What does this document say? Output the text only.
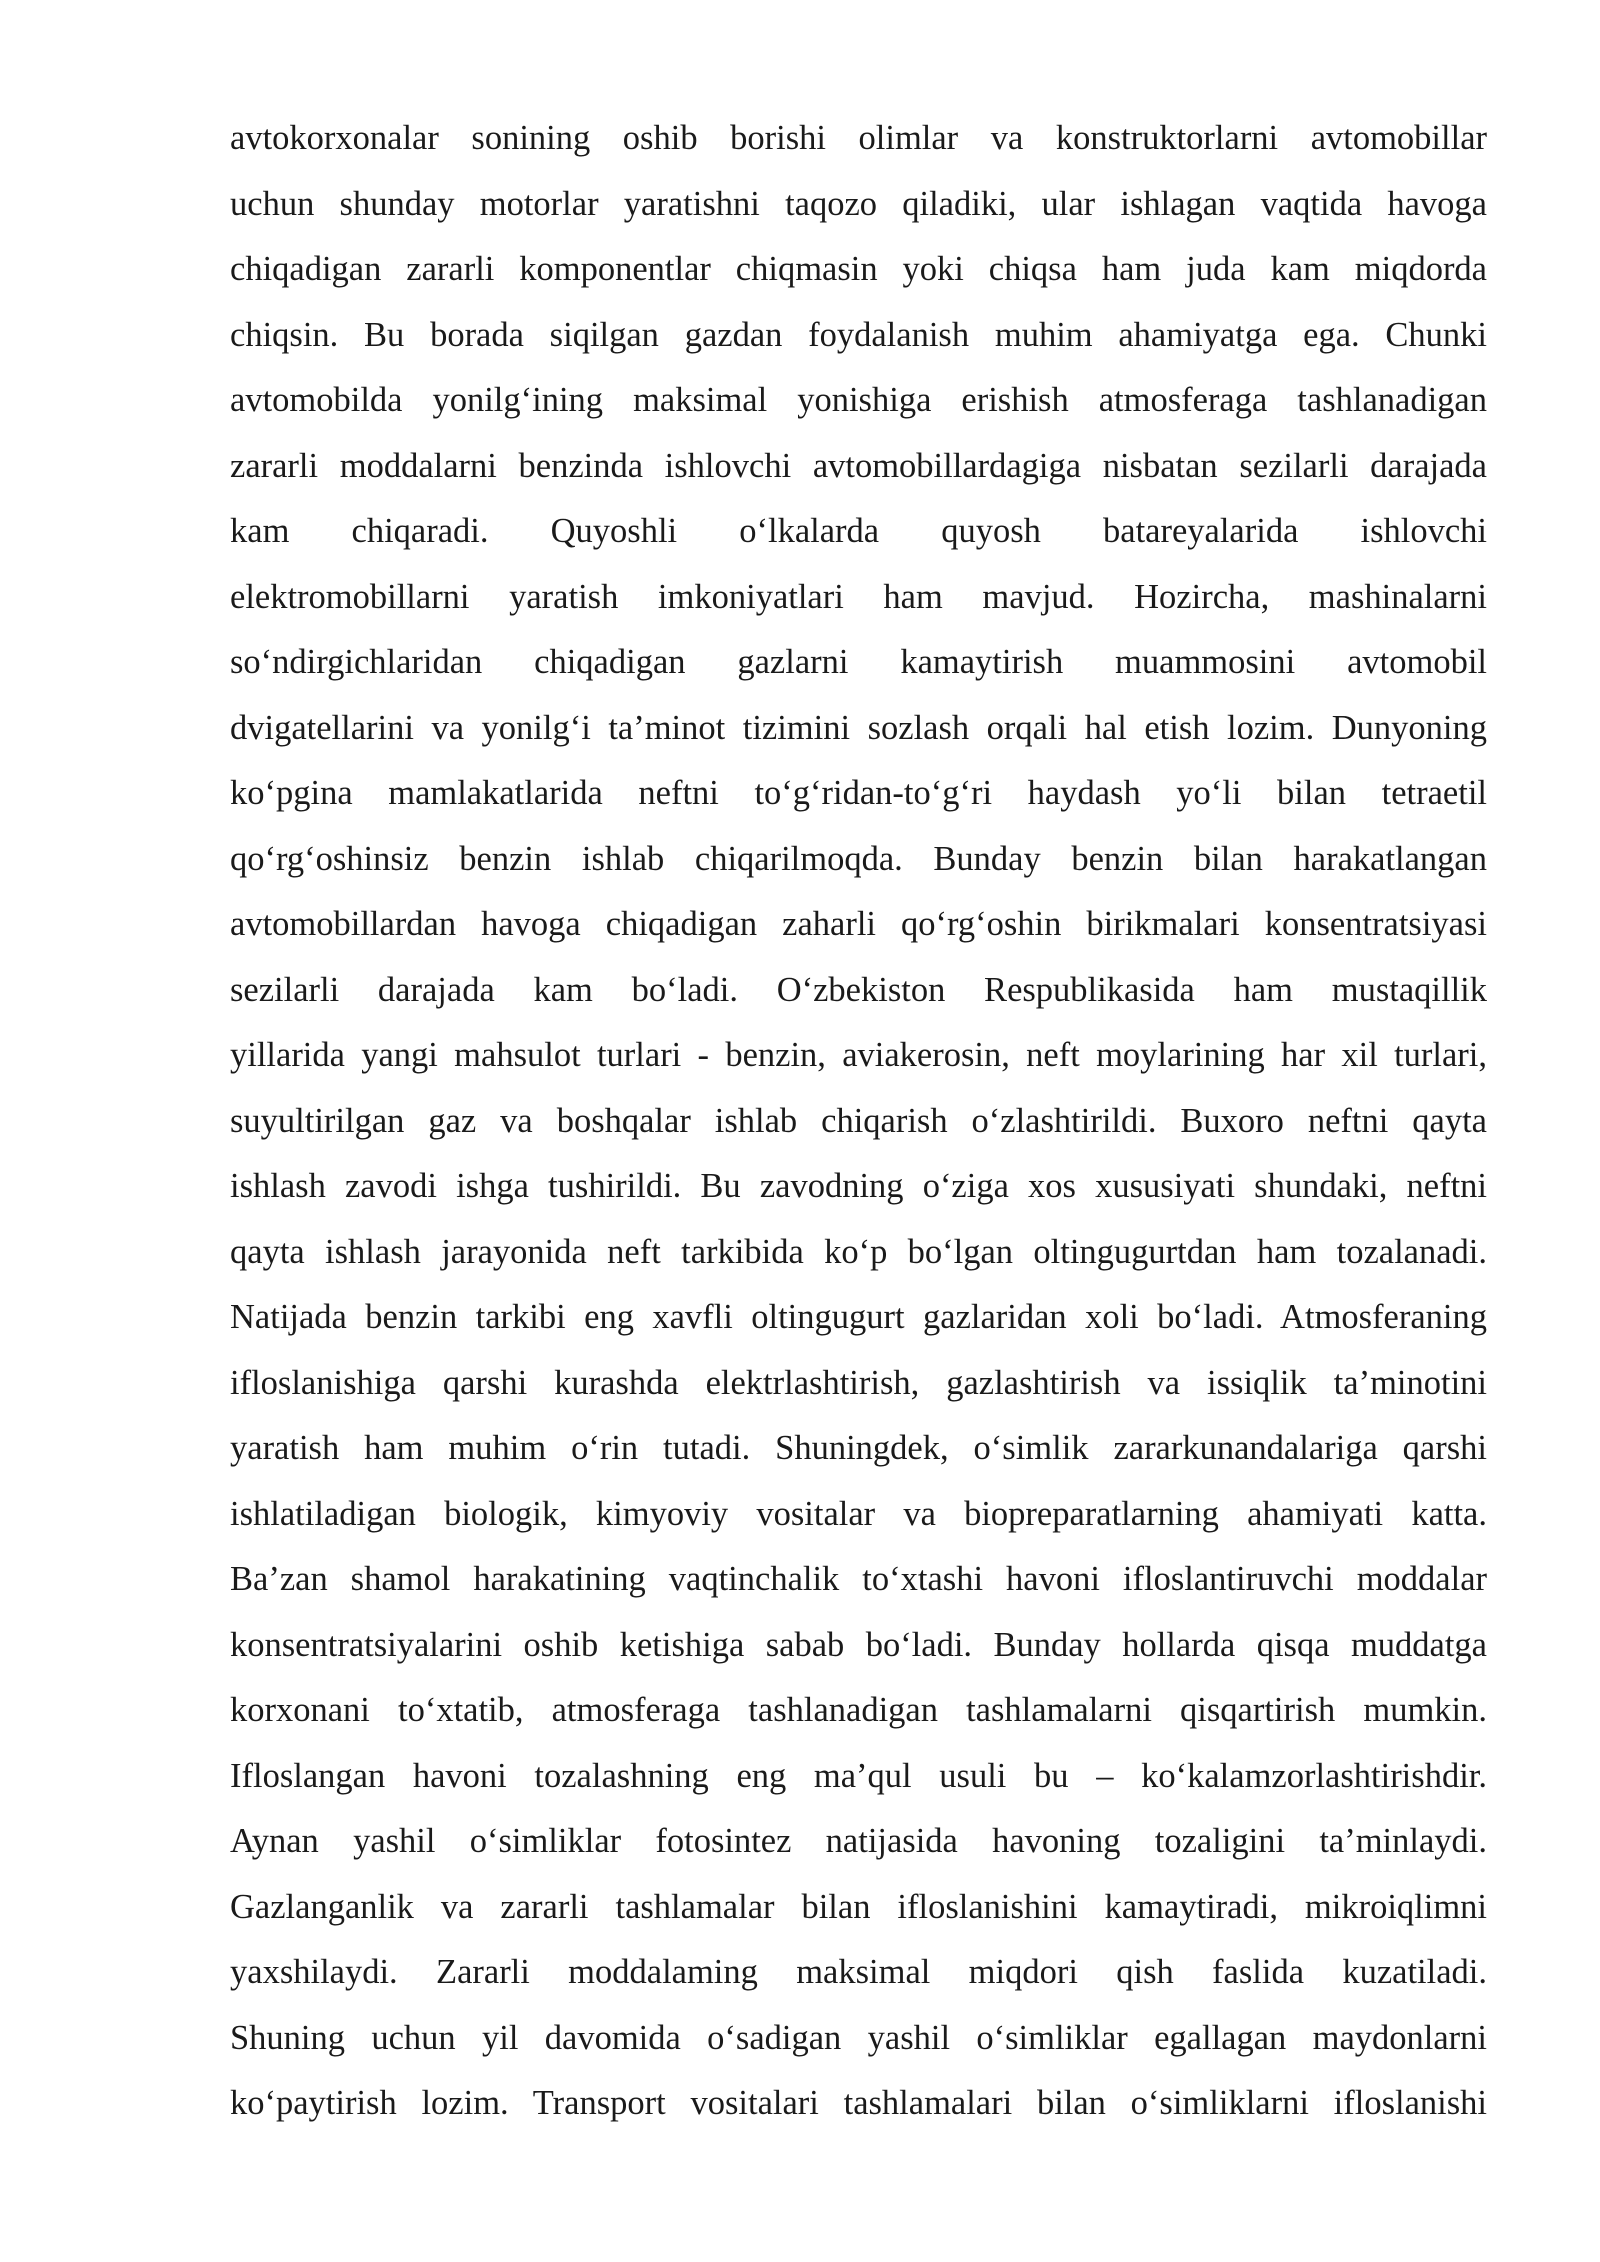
avtokorxonalar sonining oshib borishi olimlar va konstruktorlarni avtomobillar
uchun shunday motorlar yaratishni taqozo qiladiki, ular ishlagan vaqtida havoga
chiqadigan zararli komponentlar chiqmasin yoki chiqsa ham juda kam miqdorda
chiqsin. Bu borada siqilgan gazdan foydalanish muhim ahamiyatga ega. Chunki
avtomobilda yonilg‘ining maksimal yonishiga erishish atmosferaga tashlanadigan
zararli moddalarni benzinda ishlovchi avtomobillardagiga nisbatan sezilarli darajada
kam chiqaradi. Quyoshli o‘lkalarda quyosh batareyalarida ishlovchi
elektromobillarni yaratish imkoniyatlari ham mavjud. Hozircha, mashinalarni
so‘ndirgichlaridan chiqadigan gazlarni kamaytirish muammosini avtomobil
dvigatellarini va yonilg‘i ta’minot tizimini sozlash orqali hal etish lozim. Dunyoning
ko‘pgina mamlakatlarida neftni to‘g‘ridan-to‘g‘ri haydash yo‘li bilan tetraetil
qo‘rg‘oshinsiz benzin ishlab chiqarilmoqda. Bunday benzin bilan harakatlangan
avtomobillardan havoga chiqadigan zaharli qo‘rg‘oshin birikmalari konsentratsiyasi
sezilarli darajada kam bo‘ladi. O‘zbekiston Respublikasida ham mustaqillik
yillarida yangi mahsulot turlari - benzin, aviakerosin, neft moylarining har xil turlari,
suyultirilgan gaz va boshqalar ishlab chiqarish o‘zlashtirildi. Buxoro neftni qayta
ishlash zavodi ishga tushirildi. Bu zavodning o‘ziga xos xususiyati shundaki, neftni
qayta ishlash jarayonida neft tarkibida ko‘p bo‘lgan oltingugurtdan ham tozalanadi.
Natijada benzin tarkibi eng xavfli oltingugurt gazlaridan xoli bo‘ladi. Atmosferaning
ifloslanishiga qarshi kurashda elektrlashtirish, gazlashtirish va issiqlik ta’minotini
yaratish ham muhim o‘rin tutadi. Shuningdek, o‘simlik zararkunandalariga qarshi
ishlatiladigan biologik, kimyoviy vositalar va biopreparatlarning ahamiyati katta.
Ba’zan shamol harakatining vaqtinchalik to‘xtashi havoni ifloslantiruvchi moddalar
konsentratsiyalarini oshib ketishiga sabab bo‘ladi. Bunday hollarda qisqa muddatga
korxonani to‘xtatib, atmosferaga tashlanadigan tashlamalarni qisqartirish mumkin.
Ifloslangan havoni tozalashning eng ma’qul usuli bu – ko‘kalamzorlashtirishdir.
Aynan yashil o‘simliklar fotosintez natijasida havoning tozaligini ta’minlaydi.
Gazlanganlik va zararli tashlamalar bilan ifloslanishini kamaytiradi, mikroiqlimni
yaxshilaydi. Zararli moddalaming maksimal miqdori qish faslida kuzatiladi.
Shuning uchun yil davomida o‘sadigan yashil o‘simliklar egallagan maydonlarni
ko‘paytirish lozim. Transport vositalari tashlamalari bilan o‘simliklarni ifloslanishi
